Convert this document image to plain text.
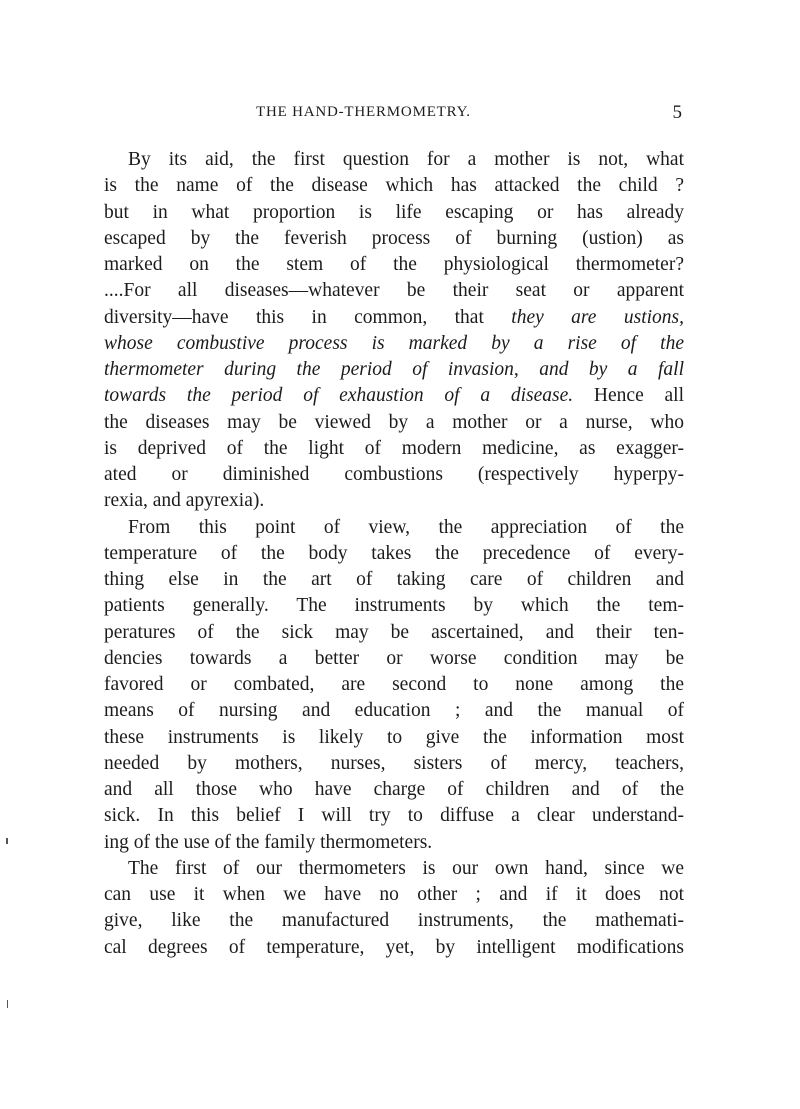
THE HAND-THERMOMETRY.	5
By its aid, the first question for a mother is not, what
is the name of the disease which has attacked the child ?
but in what proportion is life escaping or has already
escaped by the feverish process of burning (ustion) as
marked on the stem of the physiological thermometer?
....For all diseases—whatever be their seat or apparent
diversity—have this in common, that they are ustions,
whose combustive process is marked by a rise of the
thermometer during the period of invasion, and by a fall
towards the period of exhaustion of a disease. Hence all
the diseases may be viewed by a mother or a nurse, who
is deprived of the light of modern medicine, as exagger-
ated or diminished combustions (respectively hyperpy-
rexia, and apyrexia).
From this point of view, the appreciation of the
temperature of the body takes the precedence of every-
thing else in the art of taking care of children and
patients generally. The instruments by which the tem-
peratures of the sick may be ascertained, and their ten-
dencies towards a better or worse condition may be
favored or combated, are second to none among the
means of nursing and education ; and the manual of
these instruments is likely to give the information most
needed by mothers, nurses, sisters of mercy, teachers,
and all those who have charge of children and of the
sick. In this belief I will try to diffuse a clear understand-
ing of the use of the family thermometers.
The first of our thermometers is our own hand, since we
can use it when we have no other ; and if it does not
give, like the manufactured instruments, the mathemati-
cal degrees of temperature, yet, by intelligent modifications
